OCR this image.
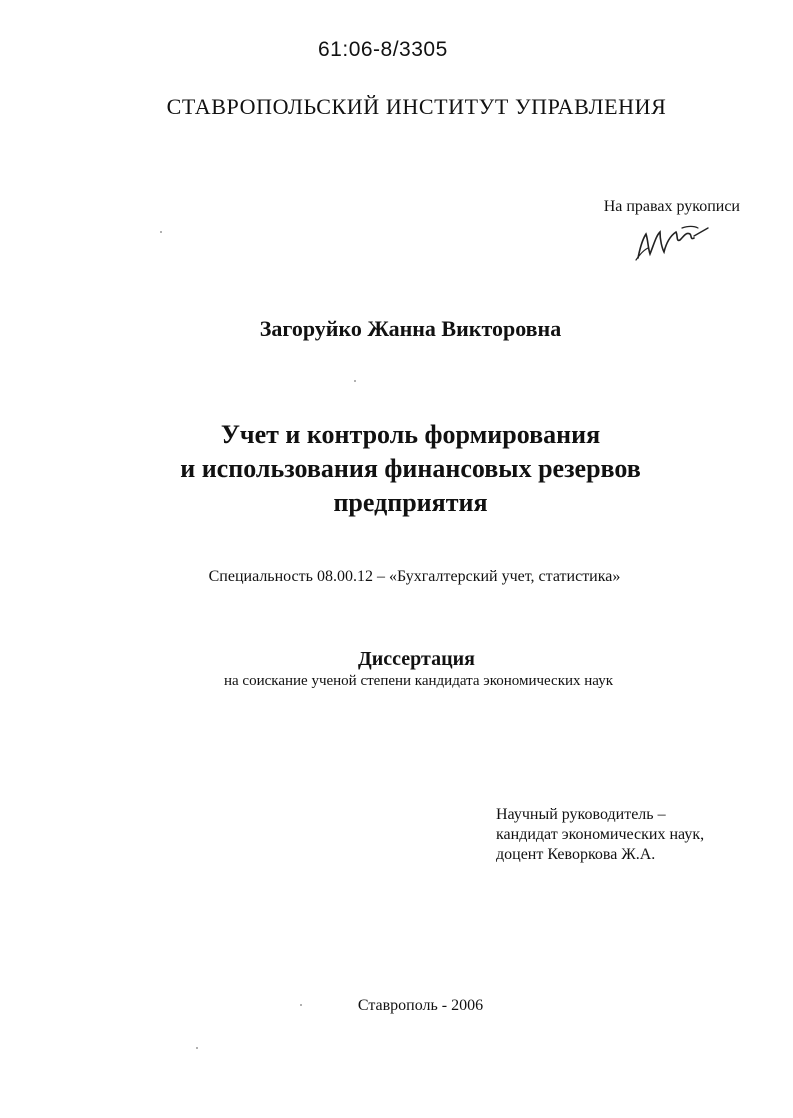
61:06-8/3305
СТАВРОПОЛЬСКИЙ ИНСТИТУТ УПРАВЛЕНИЯ
На правах рукописи
Загоруйко Жанна Викторовна
Учет и контроль формирования
и использования финансовых резервов
предприятия
Специальность 08.00.12 – «Бухгалтерский учет, статистика»
Диссертация
на соискание ученой степени кандидата экономических наук
Научный руководитель –
кандидат экономических наук,
доцент Кеворкова Ж.А.
Ставрополь - 2006
